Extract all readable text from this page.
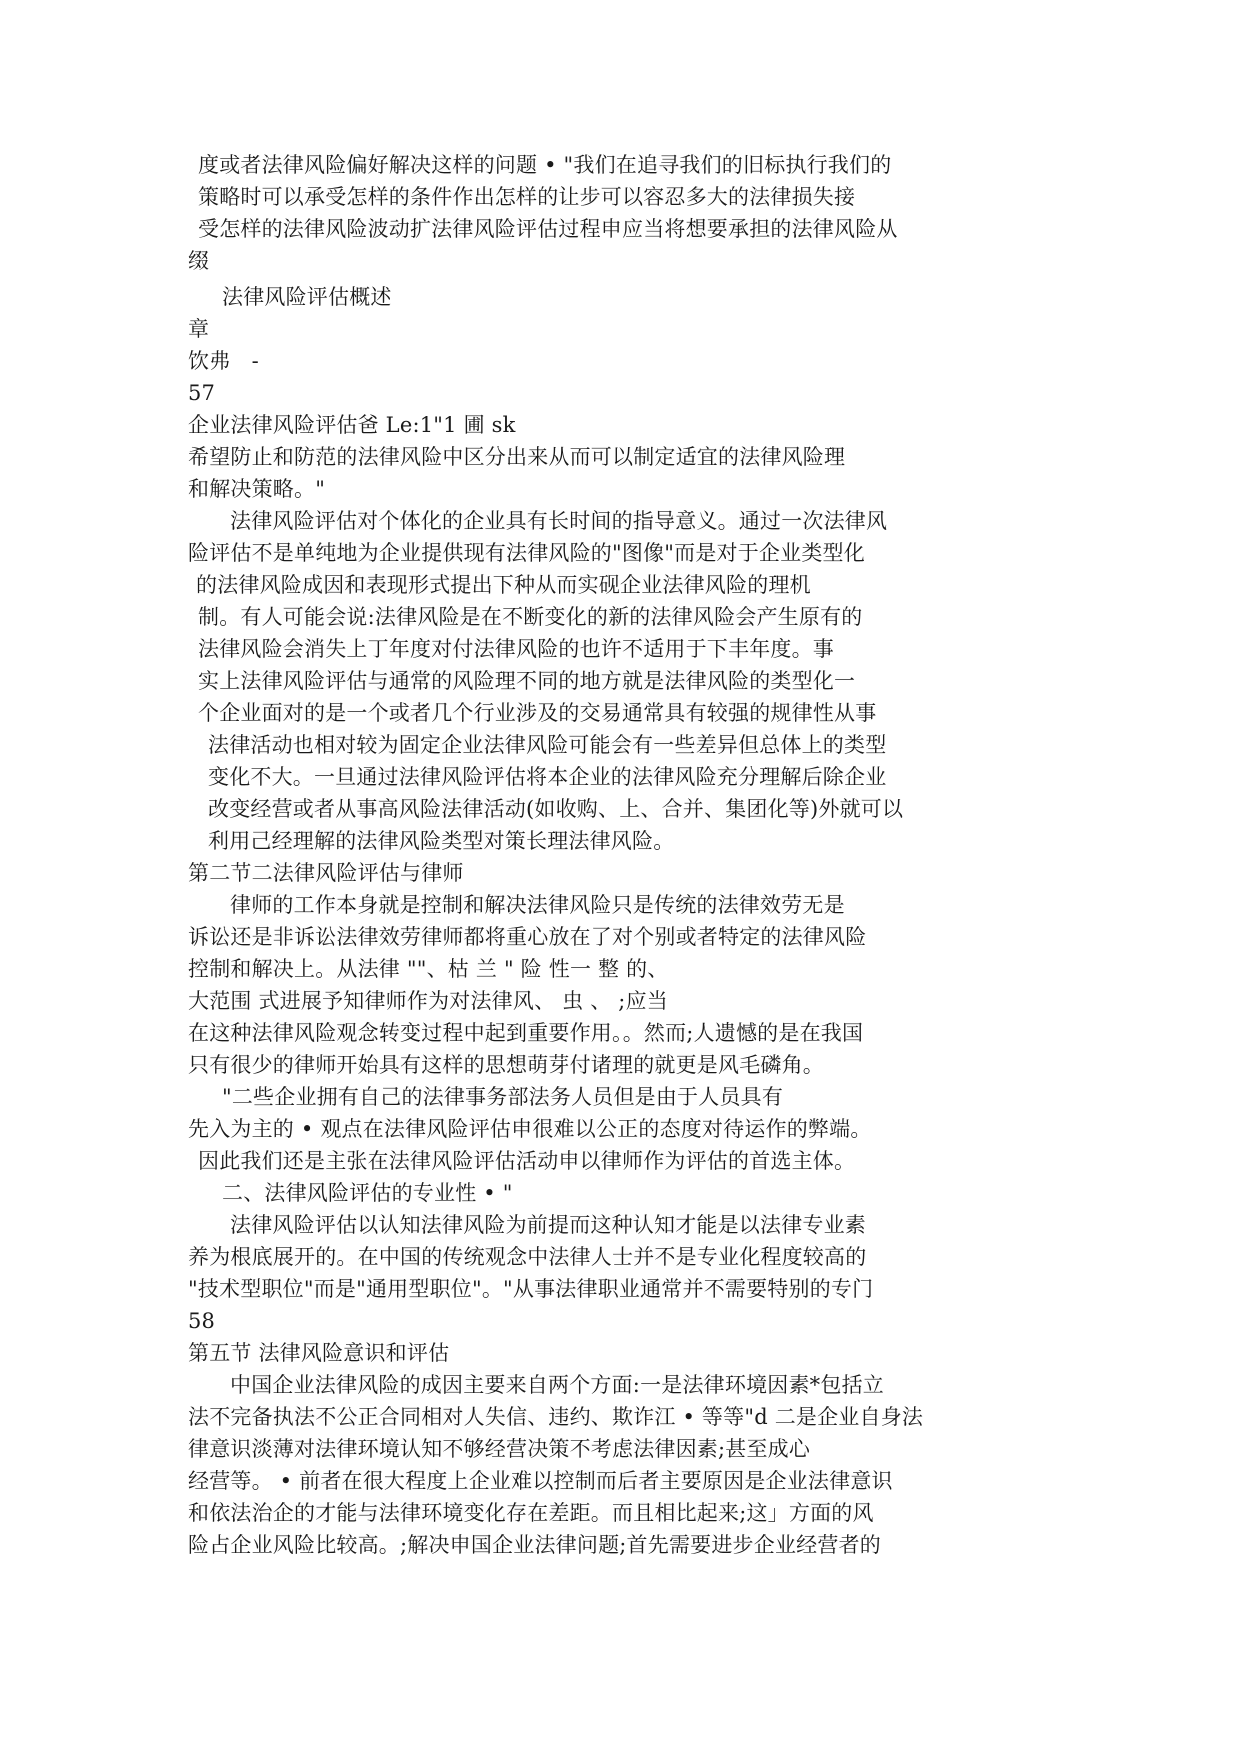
度或者法律风险偏好解决这样的问题 • "我们在追寻我们的旧标执行我们的
策略时可以承受怎样的条件作出怎样的让步可以容忍多大的法律损失接
受怎样的法律风险波动扩法律风险评估过程申应当将想要承担的法律风险从
缀
法律风险评估概述
章
饮弗　-
57
企业法律风险评估爸 Le:1"1 圃 sk
希望防止和防范的法律风险中区分出来从而可以制定适宜的法律风险理
和解决策略。"
法律风险评估对个体化的企业具有长时间的指导意义。通过一次法律风
险评估不是单纯地为企业提供现有法律风险的"图像"而是对于企业类型化
的法律风险成因和表现形式提出下种从而实砚企业法律风险的理机
制。有人可能会说:法律风险是在不断变化的新的法律风险会产生原有的
法律风险会消失上丁年度对付法律风险的也许不适用于下丰年度。事
实上法律风险评估与通常的风险理不同的地方就是法律风险的类型化一
个企业面对的是一个或者几个行业涉及的交易通常具有较强的规律性从事
法律活动也相对较为固定企业法律风险可能会有一些差异但总体上的类型
变化不大。一旦通过法律风险评估将本企业的法律风险充分理解后除企业
改变经营或者从事高风险法律活动(如收购、上、合并、集团化等)外就可以
利用己经理解的法律风险类型对策长理法律风险。
第二节二法律风险评估与律师
律师的工作本身就是控制和解决法律风险只是传统的法律效劳无是
诉讼还是非诉讼法律效劳律师都将重心放在了对个别或者特定的法律风险
控制和解决上。从法律 ""、枯 兰 " 险 性一 整 的、
大范围 式进展予知律师作为对法律风、 虫 、 ;应当
在这种法律风险观念转变过程中起到重要作用。。然而;人遗憾的是在我国
只有很少的律师开始具有这样的思想萌芽付诸理的就更是风毛磷角。
"二些企业拥有自己的法律事务部法务人员但是由于人员具有
先入为主的 • 观点在法律风险评估申很难以公正的态度对待运作的弊端。
因此我们还是主张在法律风险评估活动申以律师作为评估的首选主体。
二、法律风险评估的专业性 • "
法律风险评估以认知法律风险为前提而这种认知才能是以法律专业素
养为根底展开的。在中国的传统观念中法律人士并不是专业化程度较高的
"技术型职位"而是"通用型职位"。"从事法律职业通常并不需要特别的专门
58
第五节 法律风险意识和评估
中国企业法律风险的成因主要来自两个方面:一是法律环境因素*包括立
法不完备执法不公正合同相对人失信、违约、欺诈江 • 等等"d 二是企业自身法
律意识淡薄对法律环境认知不够经营决策不考虑法律因素;甚至成心
经营等。 • 前者在很大程度上企业难以控制而后者主要原因是企业法律意识
和依法治企的才能与法律环境变化存在差距。而且相比起来;这」方面的风
险占企业风险比较高。;解决申国企业法律问题;首先需要进步企业经营者的
